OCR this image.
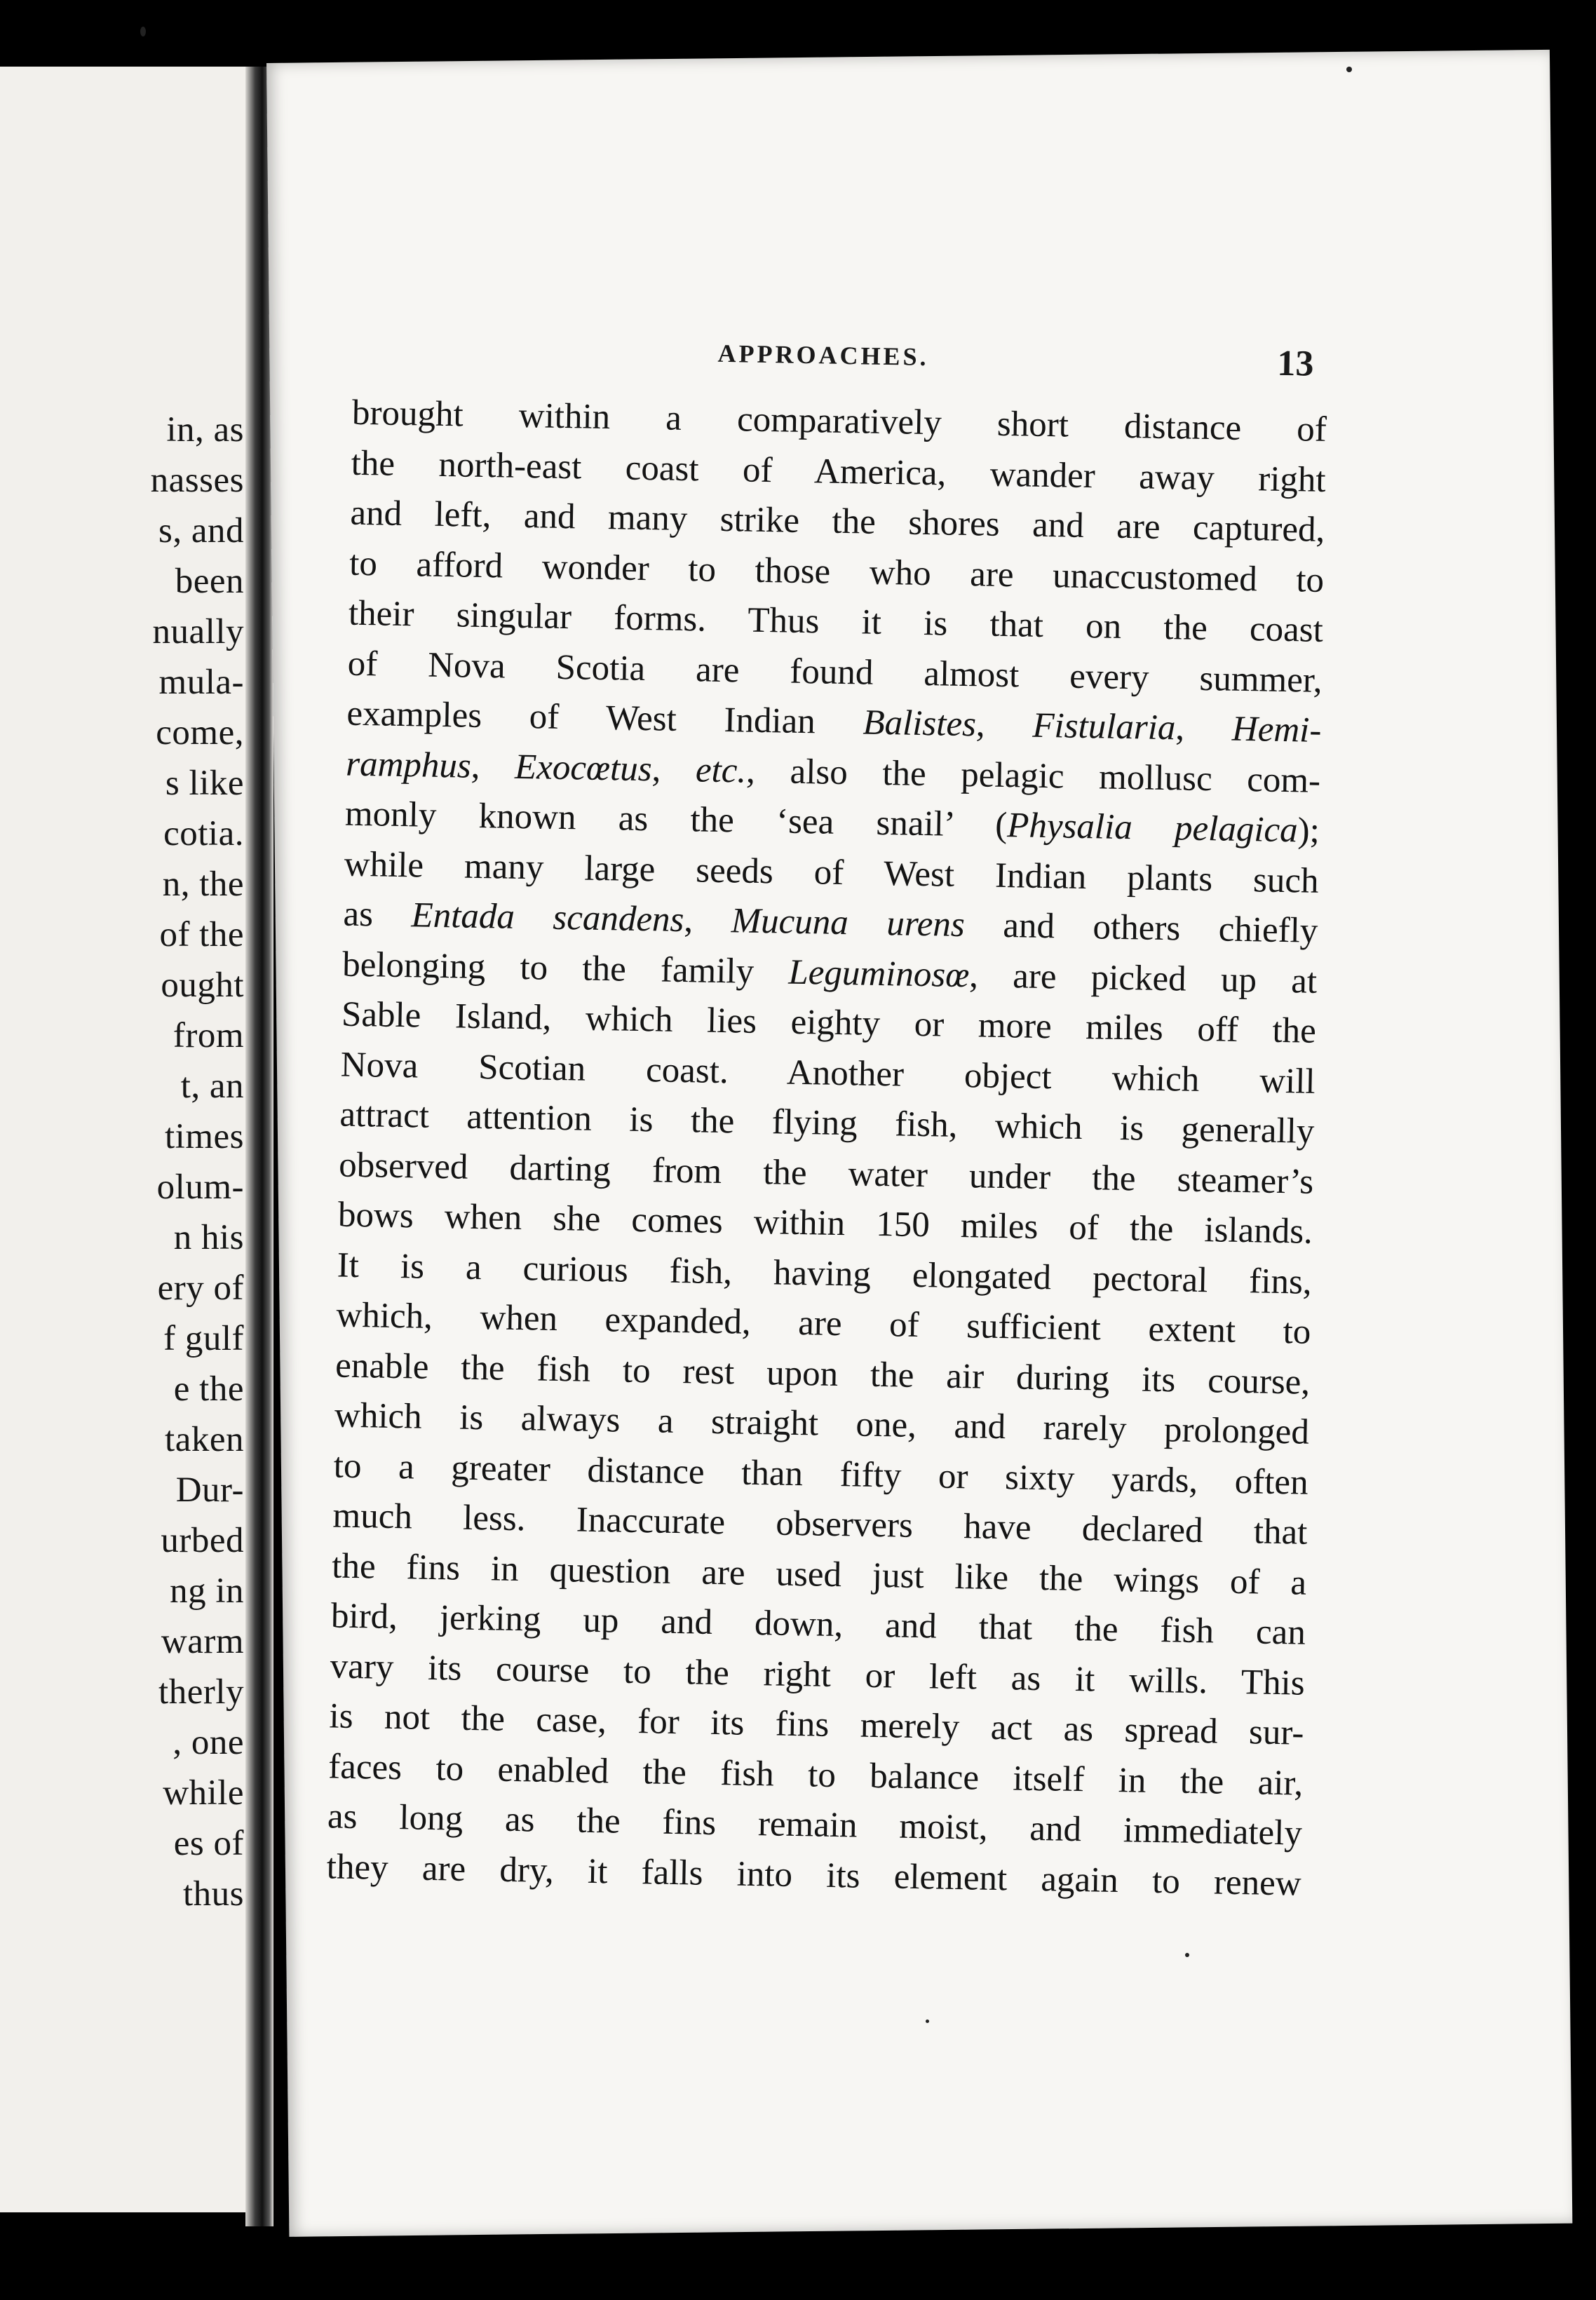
in, as
nasses
s, and
been
nually
mula-
come,
s like
cotia.
n, the
of the
ought
from
t, an
times
olum-
n his
ery of
f gulf
e the
taken
Dur-
urbed
ng in
warm
therly
, one
while
es of
thus
APPROACHES.	13
brought within a comparatively short distance of
the north-east coast of America, wander away right
and left, and many strike the shores and are captured,
to afford wonder to those who are unaccustomed to
their singular forms. Thus it is that on the coast
of Nova Scotia are found almost every summer,
examples of West Indian Balistes, Fistularia, Hemi-
ramphus, Exocœtus, etc., also the pelagic mollusc com-
monly known as the ‘sea snail’ (Physalia pelagica);
while many large seeds of West Indian plants such
as Entada scandens, Mucuna urens and others chiefly
belonging to the family Leguminosœ, are picked up at
Sable Island, which lies eighty or more miles off the
Nova Scotian coast. Another object which will
attract attention is the flying fish, which is generally
observed darting from the water under the steamer’s
bows when she comes within 150 miles of the islands.
It is a curious fish, having elongated pectoral fins,
which, when expanded, are of sufficient extent to
enable the fish to rest upon the air during its course,
which is always a straight one, and rarely prolonged
to a greater distance than fifty or sixty yards, often
much less. Inaccurate observers have declared that
the fins in question are used just like the wings of a
bird, jerking up and down, and that the fish can
vary its course to the right or left as it wills. This
is not the case, for its fins merely act as spread sur-
faces to enabled the fish to balance itself in the air,
as long as the fins remain moist, and immediately
they are dry, it falls into its element again to renew
